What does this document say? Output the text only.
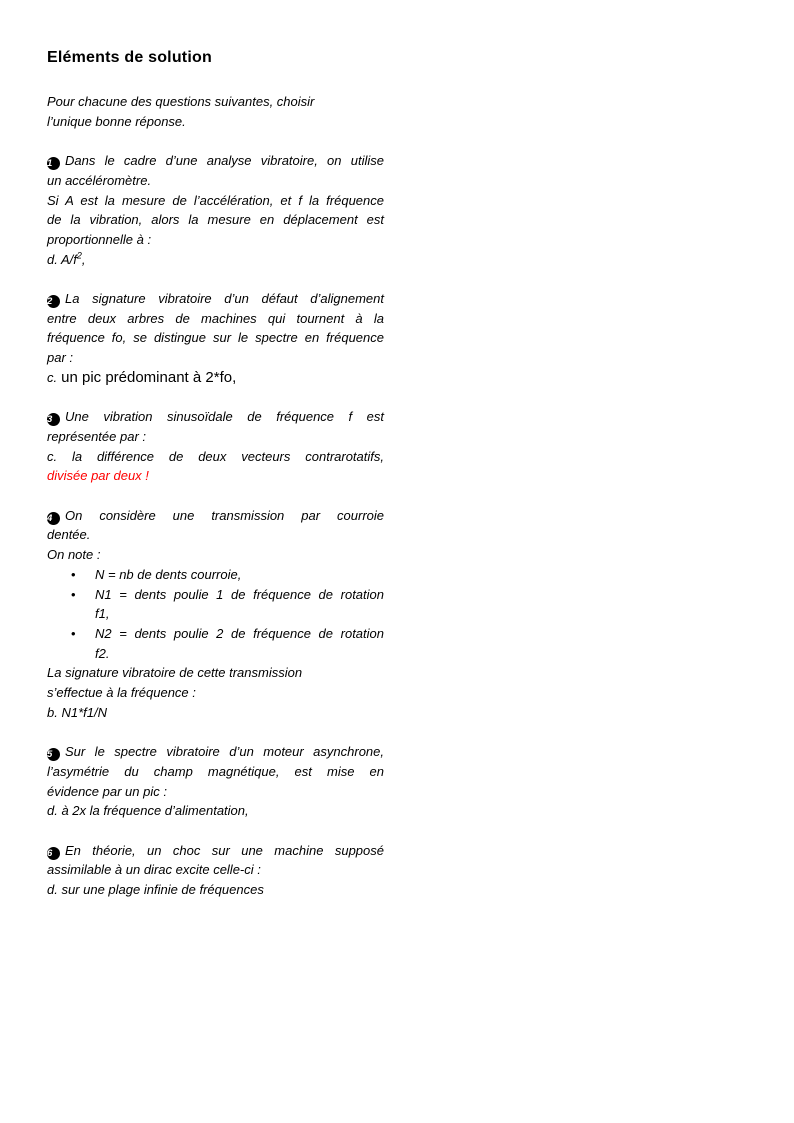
Eléments de solution

Pour chacune des questions suivantes, choisir
l’unique bonne réponse.

1 Dans le cadre d’une analyse vibratoire, on utilise
un accéléromètre.
Si A est la mesure de l’accélération, et f la fréquence
de la vibration, alors la mesure en déplacement est
proportionnelle à :
d. $A/f^2$,
2 La signature vibratoire d’un défaut d’alignement
entre deux arbres de machines qui tournent à la
fréquence fo, se distingue sur le spectre en fréquence
par :
c. un pic prédominant à 2*fo,
3 Une vibration sinusoïdale de fréquence f est
représentée par :
c. la différence de deux vecteurs contrarotatifs,
divisée par deux !
4 On considère une transmission par courroie
dentée.
On note :
• N = nb de dents courroie,
• N1 = dents poulie 1 de fréquence de rotation
f1,
• N2 = dents poulie 2 de fréquence de rotation
f2.
La signature vibratoire de cette transmission
s’effectue à la fréquence :
b. N1*f1/N
5 Sur le spectre vibratoire d’un moteur asynchrone,
l’asymétrie du champ magnétique, est mise en
évidence par un pic :
d. à 2x la fréquence d’alimentation,
6 En théorie, un choc sur une machine supposé
assimilable à un dirac excite celle-ci :
d. sur une plage infinie de fréquences
